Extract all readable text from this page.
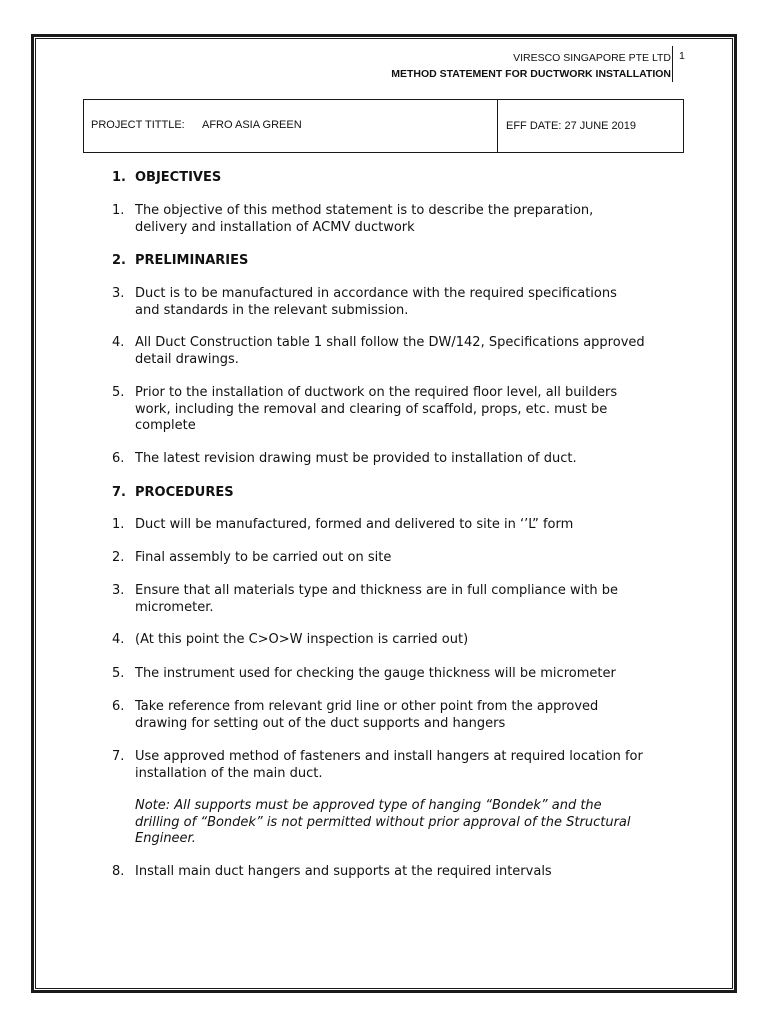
VIRESCO SINGAPORE PTE LTD
METHOD STATEMENT FOR DUCTWORK INSTALLATION
1
PROJECT TITTLE: AFRO ASIA GREEN	EFF DATE: 27 JUNE 2019
1. OBJECTIVES
1. The objective of this method statement is to describe the preparation,
delivery and installation of ACMV ductwork
2. PRELIMINARIES
3. Duct is to be manufactured in accordance with the required specifications
and standards in the relevant submission.
4. All Duct Construction table 1 shall follow the DW/142, Specifications approved
detail drawings.
5. Prior to the installation of ductwork on the required floor level, all builders
work, including the removal and clearing of scaffold, props, etc. must be
complete
6. The latest revision drawing must be provided to installation of duct.
7. PROCEDURES
1. Duct will be manufactured, formed and delivered to site in ‘’L” form
2. Final assembly to be carried out on site
3. Ensure that all materials type and thickness are in full compliance with be
micrometer.
4. (At this point the C>O>W inspection is carried out)
5. The instrument used for checking the gauge thickness will be micrometer
6. Take reference from relevant grid line or other point from the approved
drawing for setting out of the duct supports and hangers
7. Use approved method of fasteners and install hangers at required location for
installation of the main duct.
Note: All supports must be approved type of hanging “Bondek” and the
drilling of “Bondek” is not permitted without prior approval of the Structural
Engineer.
8. Install main duct hangers and supports at the required intervals
